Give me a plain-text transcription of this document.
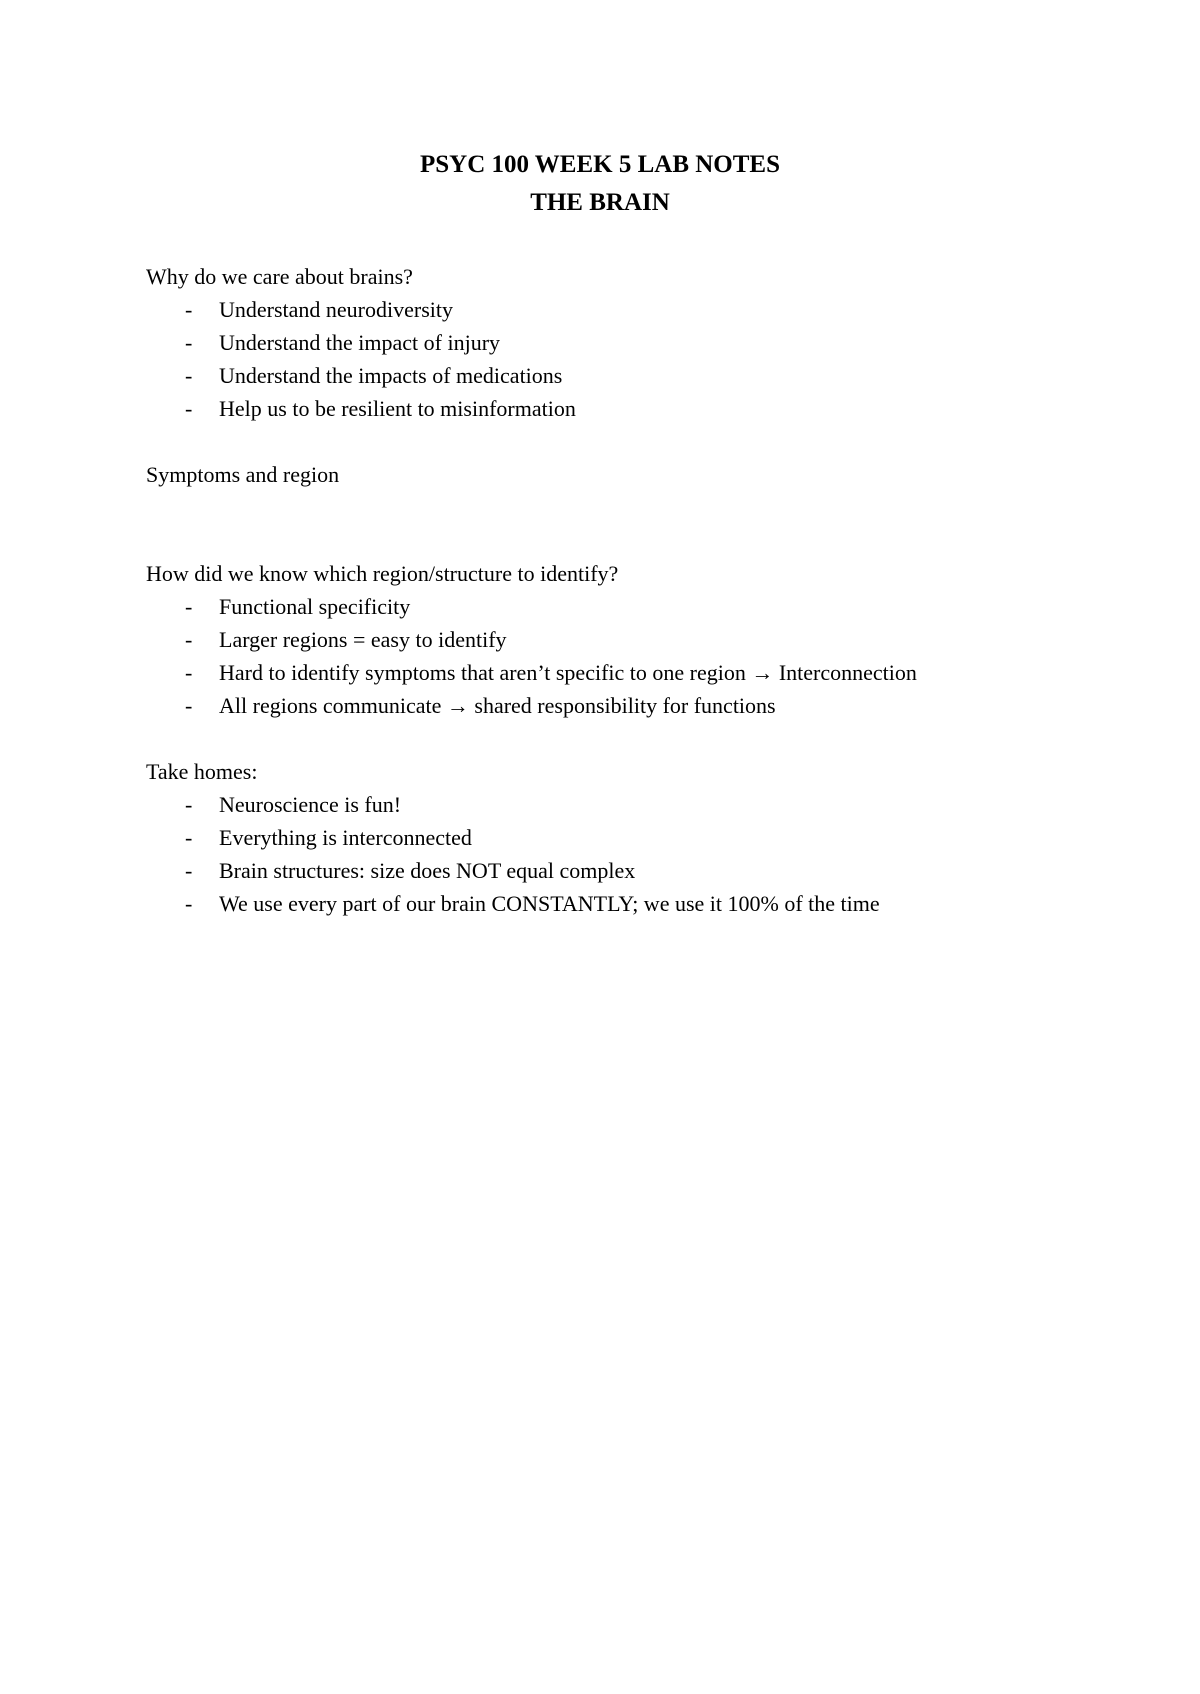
PSYC 100 WEEK 5 LAB NOTES
THE BRAIN
Why do we care about brains?
- Understand neurodiversity
- Understand the impact of injury
- Understand the impacts of medications
- Help us to be resilient to misinformation
Symptoms and region
How did we know which region/structure to identify?
- Functional specificity
- Larger regions = easy to identify
- Hard to identify symptoms that aren’t specific to one region → Interconnection
- All regions communicate → shared responsibility for functions
Take homes:
- Neuroscience is fun!
- Everything is interconnected
- Brain structures: size does NOT equal complex
- We use every part of our brain CONSTANTLY; we use it 100% of the time
